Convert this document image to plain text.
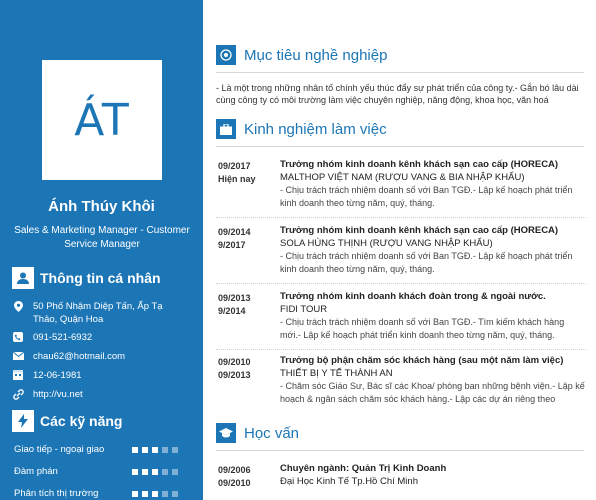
ÁT
Ánh Thúy Khôi
Sales & Marketing Manager - Customer Service Manager
Thông tin cá nhân
50 Phố Nhậm Diệp Tấn, Ấp Tạ Thảo, Quận Hoa
091-521-6932
chau62@hotmail.com
12-06-1981
http://vu.net
Các kỹ năng
Giao tiếp - ngoại giao
Đàm phán
Phân tích thị trường
Mục tiêu nghề nghiệp
- Là một trong những nhân tố chính yếu thúc đẩy sự phát triển của công ty.- Gắn bó lâu dài cùng công ty có môi trường làm việc chuyên nghiệp, năng động, khoa học, văn hoá
Kinh nghiệm làm việc
09/2017
Hiện nay
Trưởng nhóm kinh doanh kênh khách sạn cao cấp (HORECA)
MALTHOP VIỆT NAM (RƯỢU VANG & BIA NHẬP KHẨU)
- Chịu trách trách nhiệm doanh số với Ban TGĐ.- Lập kế hoạch phát triển kinh doanh theo từng năm, quý, tháng.
09/2014
9/2017
Trưởng nhóm kinh doanh kênh khách sạn cao cấp (HORECA)
SOLA HÙNG THỊNH (RƯỢU VANG NHẬP KHẨU)
- Chịu trách trách nhiệm doanh số với Ban TGĐ.- Lập kế hoạch phát triển kinh doanh theo từng năm, quý, tháng.
09/2013
9/2014
Trưởng nhóm kinh doanh khách đoàn trong & ngoài nước.
FIDI TOUR
- Chịu trách trách nhiệm doanh số với Ban TGĐ.- Tìm kiếm khách hàng mới.- Lập kế hoạch phát triển kinh doanh theo từng năm, quý, tháng.
09/2010
09/2013
Trưởng bộ phận chăm sóc khách hàng (sau một năm làm việc)
THIẾT BỊ Y TẾ THÀNH AN
- Chăm sóc Giáo Sư, Bác sĩ các Khoa/ phòng ban những bệnh viện.- Lập kế hoạch & ngân sách chăm sóc khách hàng.- Lập các dự án riêng theo
Học vấn
09/2006
09/2010
Chuyên ngành: Quản Trị Kinh Doanh
Đại Học Kinh Tế Tp.Hồ Chí Minh
